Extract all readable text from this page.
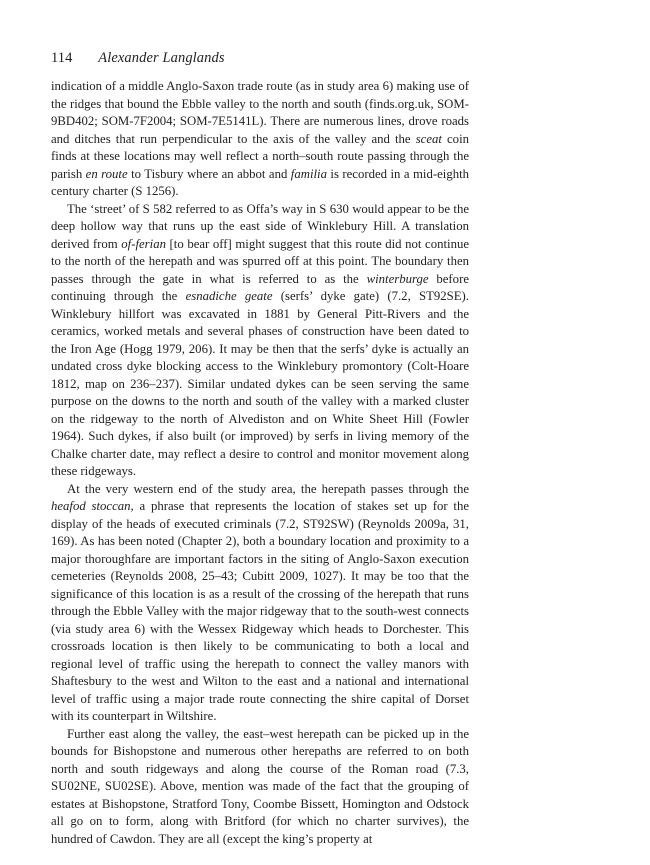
114 Alexander Langlands

indication of a middle Anglo-Saxon trade route (as in study area 6) making use of the ridges that bound the Ebble valley to the north and south (finds.org.uk, SOM-9BD402; SOM-7F2004; SOM-7E5141L). There are numerous lines, drove roads and ditches that run perpendicular to the axis of the valley and the sceat coin finds at these locations may well reflect a north–south route passing through the parish en route to Tisbury where an abbot and familia is recorded in a mid-eighth century charter (S 1256).

The ‘street’ of S 582 referred to as Offa’s way in S 630 would appear to be the deep hollow way that runs up the east side of Winklebury Hill. A translation derived from of-ferian [to bear off] might suggest that this route did not continue to the north of the herepath and was spurred off at this point. The boundary then passes through the gate in what is referred to as the winterburge before continuing through the esnadiche geate (serfs’ dyke gate) (7.2, ST92SE). Winklebury hillfort was excavated in 1881 by General Pitt-Rivers and the ceramics, worked metals and several phases of construction have been dated to the Iron Age (Hogg 1979, 206). It may be then that the serfs’ dyke is actually an undated cross dyke blocking access to the Winklebury promontory (Colt-Hoare 1812, map on 236–237). Similar undated dykes can be seen serving the same purpose on the downs to the north and south of the valley with a marked cluster on the ridgeway to the north of Alvediston and on White Sheet Hill (Fowler 1964). Such dykes, if also built (or improved) by serfs in living memory of the Chalke charter date, may reflect a desire to control and monitor movement along these ridgeways.

At the very western end of the study area, the herepath passes through the heafod stoccan, a phrase that represents the location of stakes set up for the display of the heads of executed criminals (7.2, ST92SW) (Reynolds 2009a, 31, 169). As has been noted (Chapter 2), both a boundary location and proximity to a major thoroughfare are important factors in the siting of Anglo-Saxon execution cemeteries (Reynolds 2008, 25–43; Cubitt 2009, 1027). It may be too that the significance of this location is as a result of the crossing of the herepath that runs through the Ebble Valley with the major ridgeway that to the south-west connects (via study area 6) with the Wessex Ridgeway which heads to Dorchester. This crossroads location is then likely to be communicating to both a local and regional level of traffic using the herepath to connect the valley manors with Shaftesbury to the west and Wilton to the east and a national and international level of traffic using a major trade route connecting the shire capital of Dorset with its counterpart in Wiltshire.

Further east along the valley, the east–west herepath can be picked up in the bounds for Bishopstone and numerous other herepaths are referred to on both north and south ridgeways and along the course of the Roman road (7.3, SU02NE, SU02SE). Above, mention was made of the fact that the grouping of estates at Bishopstone, Stratford Tony, Coombe Bissett, Homington and Odstock all go on to form, along with Britford (for which no charter survives), the hundred of Cawdon. They are all (except the king’s property at
